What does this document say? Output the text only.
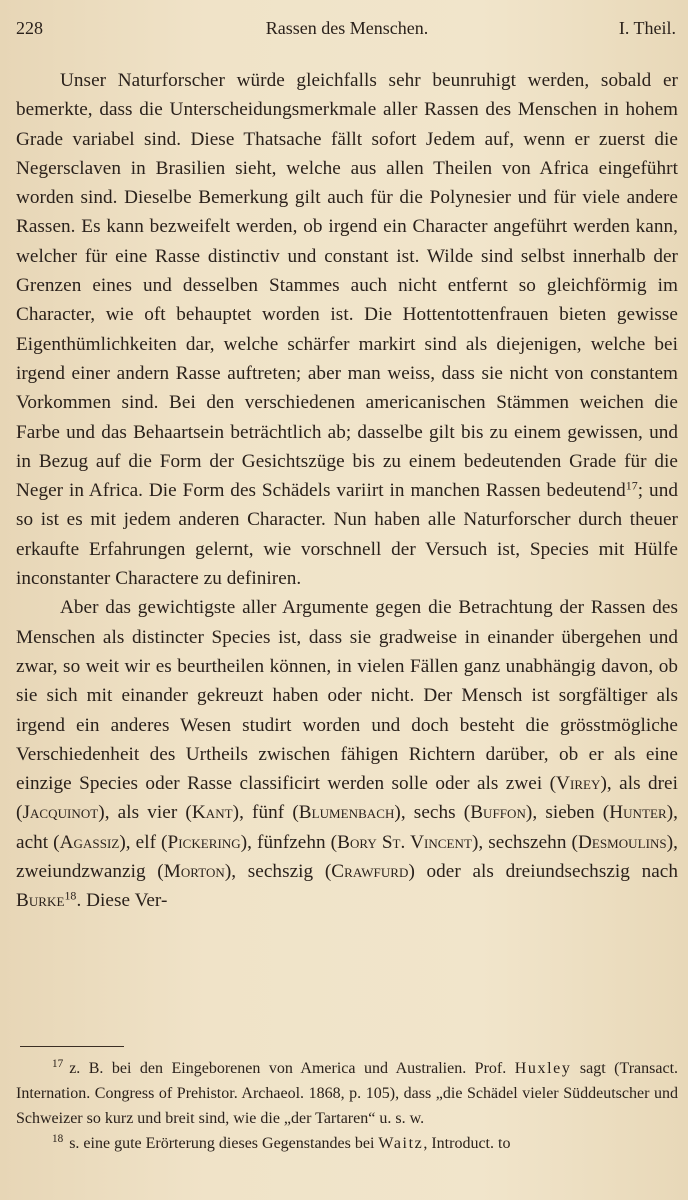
228	Rassen des Menschen.	I. Theil.

Unser Naturforscher würde gleichfalls sehr beunruhigt werden, sobald er bemerkte, dass die Unterscheidungsmerkmale aller Rassen des Menschen in hohem Grade variabel sind. Diese Thatsache fällt sofort Jedem auf, wenn er zuerst die Negersclaven in Brasilien sieht, welche aus allen Theilen von Africa eingeführt worden sind. Dieselbe Bemerkung gilt auch für die Polynesier und für viele andere Rassen. Es kann bezweifelt werden, ob irgend ein Character angeführt werden kann, welcher für eine Rasse distinctiv und constant ist. Wilde sind selbst innerhalb der Grenzen eines und desselben Stammes auch nicht entfernt so gleichförmig im Character, wie oft behauptet worden ist. Die Hottentottenfrauen bieten gewisse Eigenthümlichkeiten dar, welche schärfer markirt sind als diejenigen, welche bei irgend einer andern Rasse auftreten; aber man weiss, dass sie nicht von constantem Vorkommen sind. Bei den verschiedenen americanischen Stämmen weichen die Farbe und das Behaartsein beträchtlich ab; dasselbe gilt bis zu einem gewissen, und in Bezug auf die Form der Gesichtszüge bis zu einem bedeutenden Grade für die Neger in Africa. Die Form des Schädels variirt in manchen Rassen bedeutend$^{17}$; und so ist es mit jedem anderen Character. Nun haben alle Naturforscher durch theuer erkaufte Erfahrungen gelernt, wie vorschnell der Versuch ist, Species mit Hülfe inconstanter Charactere zu definiren.

Aber das gewichtigste aller Argumente gegen die Betrachtung der Rassen des Menschen als distincter Species ist, dass sie gradweise in einander übergehen und zwar, so weit wir es beurtheilen können, in vielen Fällen ganz unabhängig davon, ob sie sich mit einander gekreuzt haben oder nicht. Der Mensch ist sorgfältiger als irgend ein anderes Wesen studirt worden und doch besteht die grösstmögliche Verschiedenheit des Urtheils zwischen fähigen Richtern darüber, ob er als eine einzige Species oder Rasse classificirt werden solle oder als zwei (Virey), als drei (Jacquinot), als vier (Kant), fünf (Blumenbach), sechs (Buffon), sieben (Hunter), acht (Agassiz), elf (Pickering), fünfzehn (Bory St. Vincent), sechszehn (Desmoulins), zweiundzwanzig (Morton), sechszig (Crawfurd) oder als dreiundsechszig nach Burke$^{18}$. Diese Ver-

$^{17}$ z. B. bei den Eingeborenen von America und Australien. Prof. Huxley sagt (Transact. Internation. Congress of Prehistor. Archaeol. 1868, p. 105), dass „die Schädel vieler Süddeutscher und Schweizer so kurz und breit sind, wie die „der Tartaren“ u. s. w.

$^{18}$ s. eine gute Erörterung dieses Gegenstandes bei Waitz, Introduct. to
